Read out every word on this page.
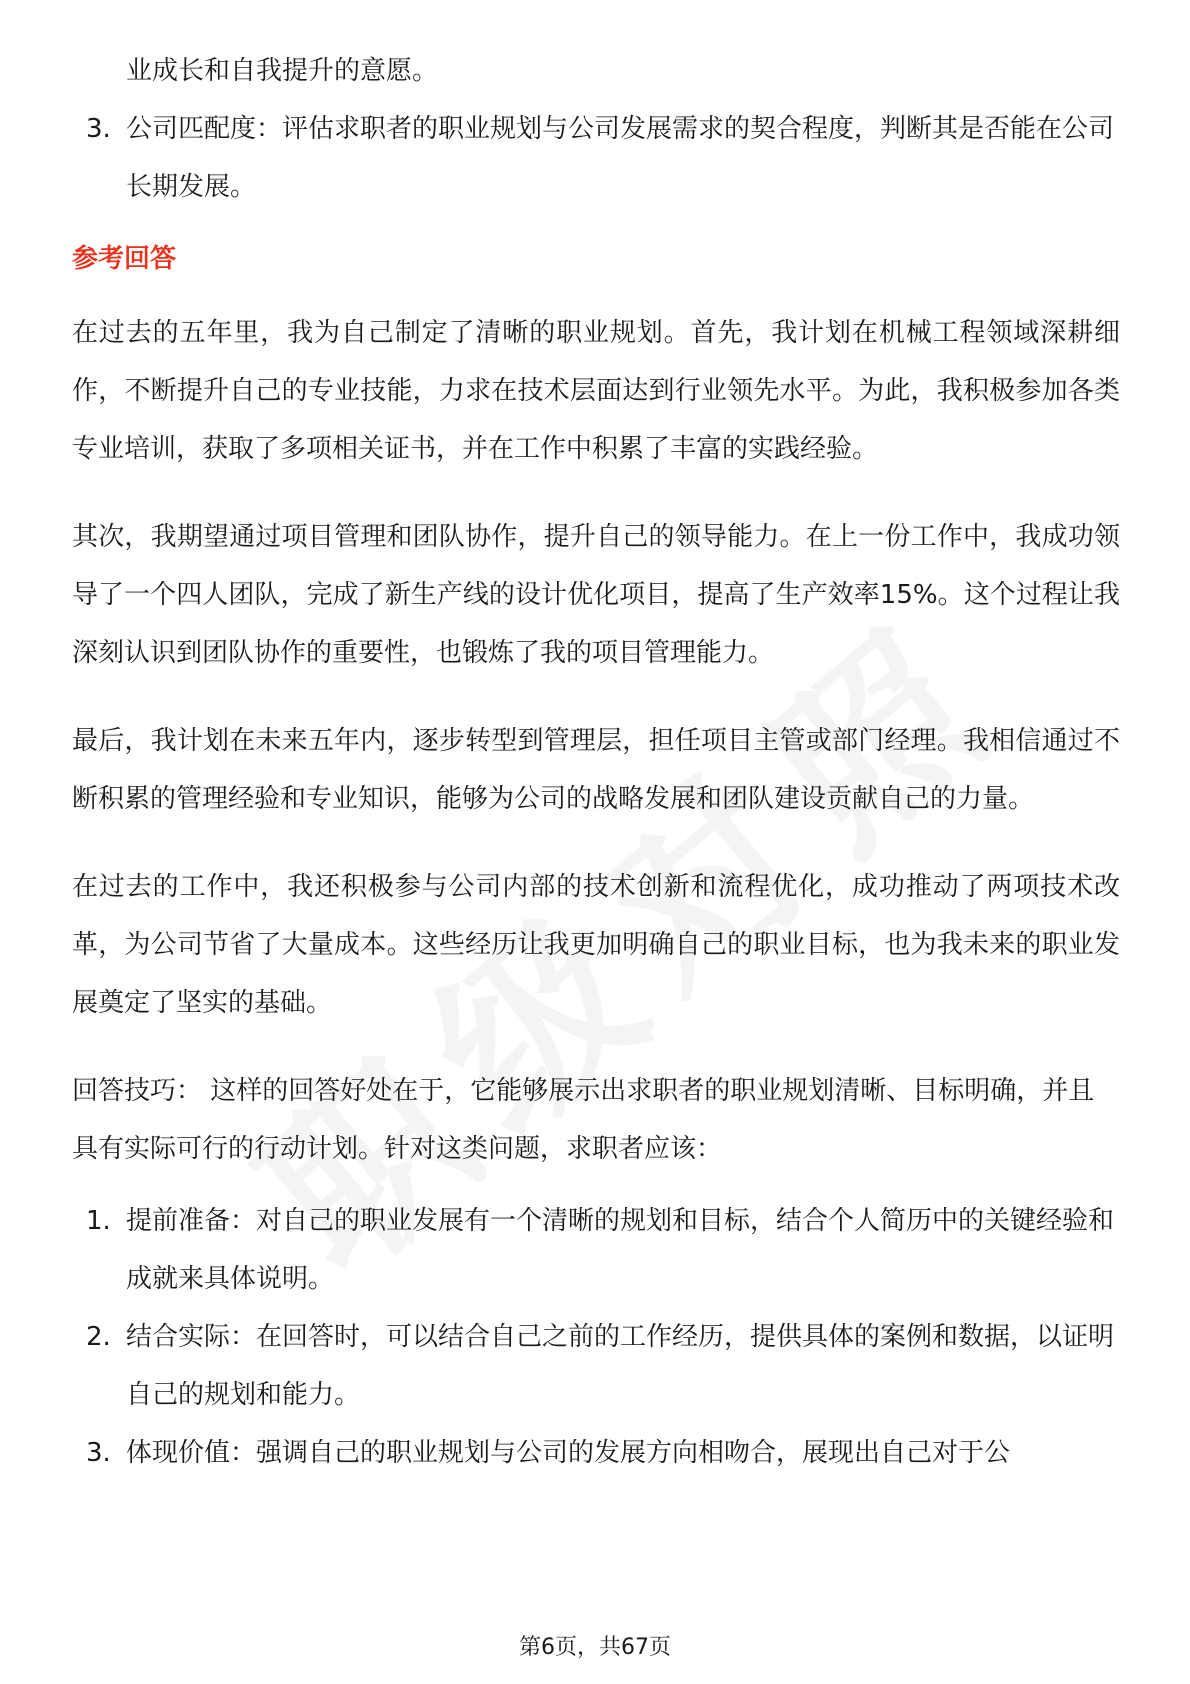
业成长和自我提升的意愿。

3. 公司匹配度：评估求职者的职业规划与公司发展需求的契合程度，判断其是否能在公司长期发展。
参考回答

在过去的五年里，我为自己制定了清晰的职业规划。首先，我计划在机械工程领域深耕细作，不断提升自己的专业技能，力求在技术层面达到行业领先水平。为此，我积极参加各类专业培训，获取了多项相关证书，并在工作中积累了丰富的实践经验。

其次，我期望通过项目管理和团队协作，提升自己的领导能力。在上一份工作中，我成功领导了一个四人团队，完成了新生产线的设计优化项目，提高了生产效率15%。这个过程让我深刻认识到团队协作的重要性，也锻炼了我的项目管理能力。

最后，我计划在未来五年内，逐步转型到管理层，担任项目主管或部门经理。我相信通过不断积累的管理经验和专业知识，能够为公司的战略发展和团队建设贡献自己的力量。

在过去的工作中，我还积极参与公司内部的技术创新和流程优化，成功推动了两项技术改革，为公司节省了大量成本。这些经历让我更加明确自己的职业目标，也为我未来的职业发展奠定了坚实的基础。

回答技巧： 这样的回答好处在于，它能够展示出求职者的职业规划清晰、目标明确，并且具有实际可行的行动计划。针对这类问题，求职者应该：

1. 提前准备：对自己的职业发展有一个清晰的规划和目标，结合个人简历中的关键经验和成就来具体说明。
2. 结合实际：在回答时，可以结合自己之前的工作经历，提供具体的案例和数据，以证明自己的规划和能力。
3. 体现价值：强调自己的职业规划与公司的发展方向相吻合，展现出自己对于公
第6页，共67页
